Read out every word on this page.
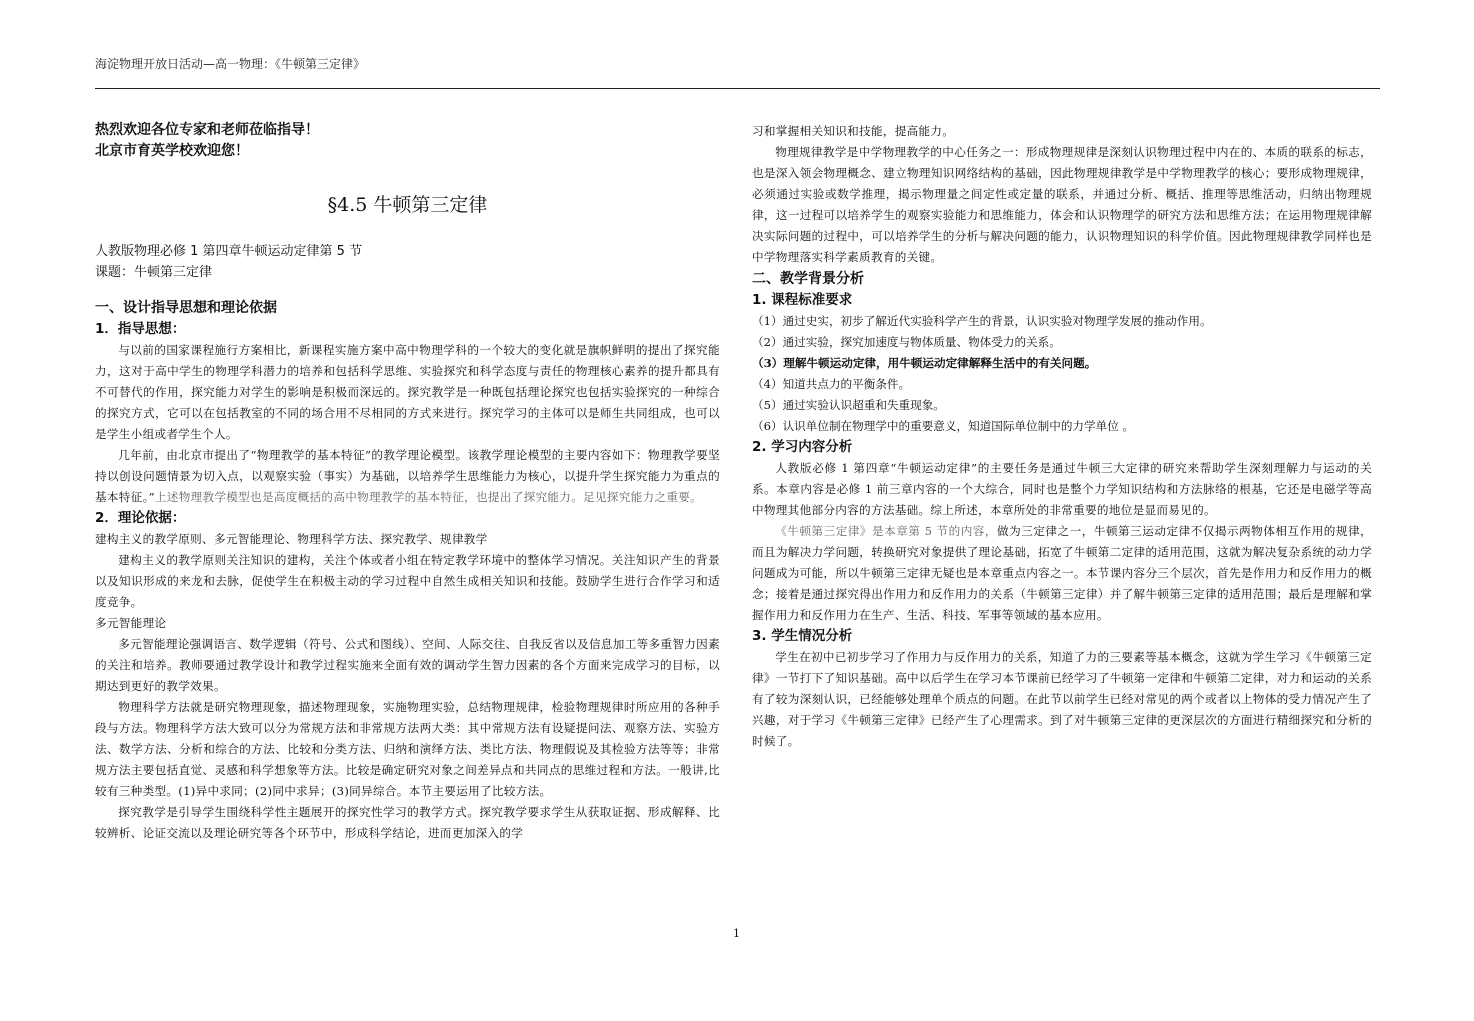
海淀物理开放日活动—高一物理：《牛顿第三定律》
热烈欢迎各位专家和老师莅临指导！
北京市育英学校欢迎您！
§4.5 牛顿第三定律
人教版物理必修 1 第四章牛顿运动定律第 5 节
课题：牛顿第三定律
一、设计指导思想和理论依据
1．指导思想：
与以前的国家课程施行方案相比，新课程实施方案中高中物理学科的一个较大的变化就是旗帜鲜明的提出了探究能力，这对于高中学生的物理学科潜力的培养和包括科学思维、实验探究和科学态度与责任的物理核心素养的提升都具有不可替代的作用，探究能力对学生的影响是积极而深远的。探究教学是一种既包括理论探究也包括实验探究的一种综合的探究方式，它可以在包括教室的不同的场合用不尽相同的方式来进行。探究学习的主体可以是师生共同组成，也可以是学生小组或者学生个人。
几年前，由北京市提出了“物理教学的基本特征”的教学理论模型。该教学理论模型的主要内容如下：物理教学要坚持以创设问题情景为切入点，以观察实验（事实）为基础，以培养学生思维能力为核心，以提升学生探究能力为重点的基本特征。”上述物理教学模型也是高度概括的高中物理教学的基本特征，也提出了探究能力。足见探究能力之重要。
2．理论依据：
建构主义的教学原则、多元智能理论、物理科学方法、探究教学、规律教学
建构主义的教学原则关注知识的建构，关注个体或者小组在特定教学环境中的整体学习情况。关注知识产生的背景以及知识形成的来龙和去脉，促使学生在积极主动的学习过程中自然生成相关知识和技能。鼓励学生进行合作学习和适度竞争。
多元智能理论
多元智能理论强调语言、数学逻辑（符号、公式和图线）、空间、人际交往、自我反省以及信息加工等多重智力因素的关注和培养。教师要通过教学设计和教学过程实施来全面有效的调动学生智力因素的各个方面来完成学习的目标，以期达到更好的教学效果。
物理科学方法就是研究物理现象，描述物理现象，实施物理实验，总结物理规律，检验物理规律时所应用的各种手段与方法。物理科学方法大致可以分为常规方法和非常规方法两大类：其中常规方法有设疑提问法、观察方法、实验方法、数学方法、分析和综合的方法、比较和分类方法、归纳和演绎方法、类比方法、物理假说及其检验方法等等；非常规方法主要包括直觉、灵感和科学想象等方法。比较是确定研究对象之间差异点和共同点的思维过程和方法。一般讲,比较有三种类型。(1)异中求同；(2)同中求异；(3)同异综合。本节主要运用了比较方法。
探究教学是引导学生围绕科学性主题展开的探究性学习的教学方式。探究教学要求学生从获取证据、形成解释、比较辨析、论证交流以及理论研究等各个环节中，形成科学结论，进而更加深入的学
习和掌握相关知识和技能，提高能力。
物理规律教学是中学物理教学的中心任务之一：形成物理规律是深刻认识物理过程中内在的、本质的联系的标志，也是深入领会物理概念、建立物理知识网络结构的基础，因此物理规律教学是中学物理教学的核心；要形成物理规律，必须通过实验或数学推理，揭示物理量之间定性或定量的联系，并通过分析、概括、推理等思维活动，归纳出物理规律，这一过程可以培养学生的观察实验能力和思维能力，体会和认识物理学的研究方法和思维方法；在运用物理规律解决实际问题的过程中，可以培养学生的分析与解决问题的能力，认识物理知识的科学价值。因此物理规律教学同样也是中学物理落实科学素质教育的关键。
二、教学背景分析
1. 课程标准要求
（1）通过史实，初步了解近代实验科学产生的背景，认识实验对物理学发展的推动作用。
（2）通过实验，探究加速度与物体质量、物体受力的关系。
（3）理解牛顿运动定律，用牛顿运动定律解释生活中的有关问题。
（4）知道共点力的平衡条件。
（5）通过实验认识超重和失重现象。
（6）认识单位制在物理学中的重要意义，知道国际单位制中的力学单位 。
2. 学习内容分析
人教版必修 1 第四章“牛顿运动定律”的主要任务是通过牛顿三大定律的研究来帮助学生深刻理解力与运动的关系。本章内容是必修 1 前三章内容的一个大综合，同时也是整个力学知识结构和方法脉络的根基，它还是电磁学等高中物理其他部分内容的方法基础。综上所述，本章所处的非常重要的地位是显而易见的。
《牛顿第三定律》是本章第 5 节的内容，做为三定律之一，牛顿第三运动定律不仅揭示两物体相互作用的规律，而且为解决力学问题，转换研究对象提供了理论基础，拓宽了牛顿第二定律的适用范围，这就为解决复杂系统的动力学问题成为可能，所以牛顿第三定律无疑也是本章重点内容之一。本节课内容分三个层次，首先是作用力和反作用力的概念；接着是通过探究得出作用力和反作用力的关系（牛顿第三定律）并了解牛顿第三定律的适用范围；最后是理解和掌握作用力和反作用力在生产、生活、科技、军事等领域的基本应用。
3. 学生情况分析
学生在初中已初步学习了作用力与反作用力的关系，知道了力的三要素等基本概念，这就为学生学习《牛顿第三定律》一节打下了知识基础。高中以后学生在学习本节课前已经学习了牛顿第一定律和牛顿第二定律，对力和运动的关系有了较为深刻认识，已经能够处理单个质点的问题。在此节以前学生已经对常见的两个或者以上物体的受力情况产生了兴趣，对于学习《牛顿第三定律》已经产生了心理需求。到了对牛顿第三定律的更深层次的方面进行精细探究和分析的时候了。
1
